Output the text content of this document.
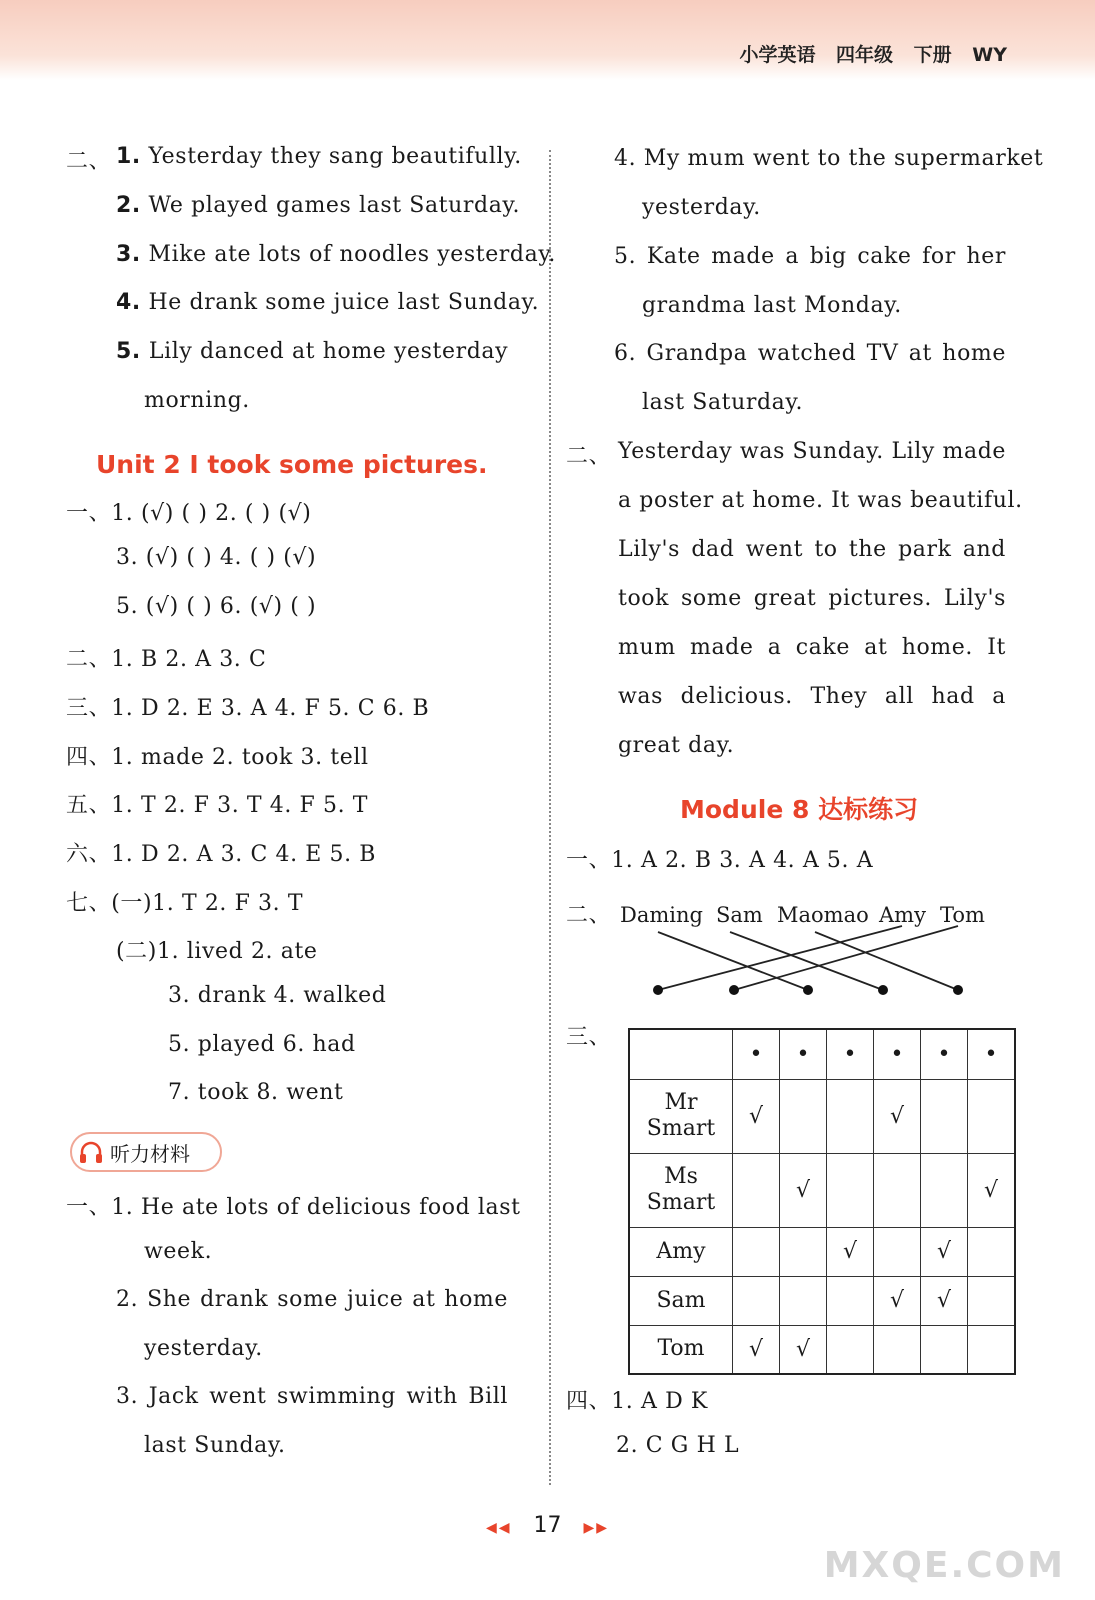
小学英语 四年级 下册 WY
二、 1. Yesterday they sang beautifully.
2. We played games last Saturday.
3. Mike ate lots of noodles yesterday.
4. He drank some juice last Sunday.
5. Lily danced at home yesterday
morning.
Unit 2 I took some pictures.
一、1. (√) ( ) 2. ( ) (√)
3. (√) ( ) 4. ( ) (√)
5. (√) ( ) 6. (√) ( )
二、1. B 2. A 3. C
三、1. D 2. E 3. A 4. F 5. C 6. B
四、1. made 2. took 3. tell
五、1. T 2. F 3. T 4. F 5. T
六、1. D 2. A 3. C 4. E 5. B
七、(一)1. T 2. F 3. T
(二)1. lived 2. ate
3. drank 4. walked
5. played 6. had
7. took 8. went
听力材料
一、1. He ate lots of delicious food last
week.
2. She drank some juice at home
yesterday.
3. Jack went swimming with Bill
last Sunday.
4. My mum went to the supermarket
yesterday.
5. Kate made a big cake for her
grandma last Monday.
6. Grandpa watched TV at home
last Saturday.
二、 Yesterday was Sunday. Lily made
a poster at home. It was beautiful.
Lily's dad went to the park and
took some great pictures. Lily's
mum made a cake at home. It
was delicious. They all had a
great day.
Module 8 达标练习
一、1. A 2. B 3. A 4. A 5. A
二、 Daming Sam Maomao Amy Tom
三、
	•	•	•	•	•	•
Mr Smart	√			√		
Ms Smart		√				√
Amy			√		√	
Sam				√	√	
Tom	√	√				
四、1. A D K
2. C G H L
◀◀ 17 ▶▶
MXQE.COM
